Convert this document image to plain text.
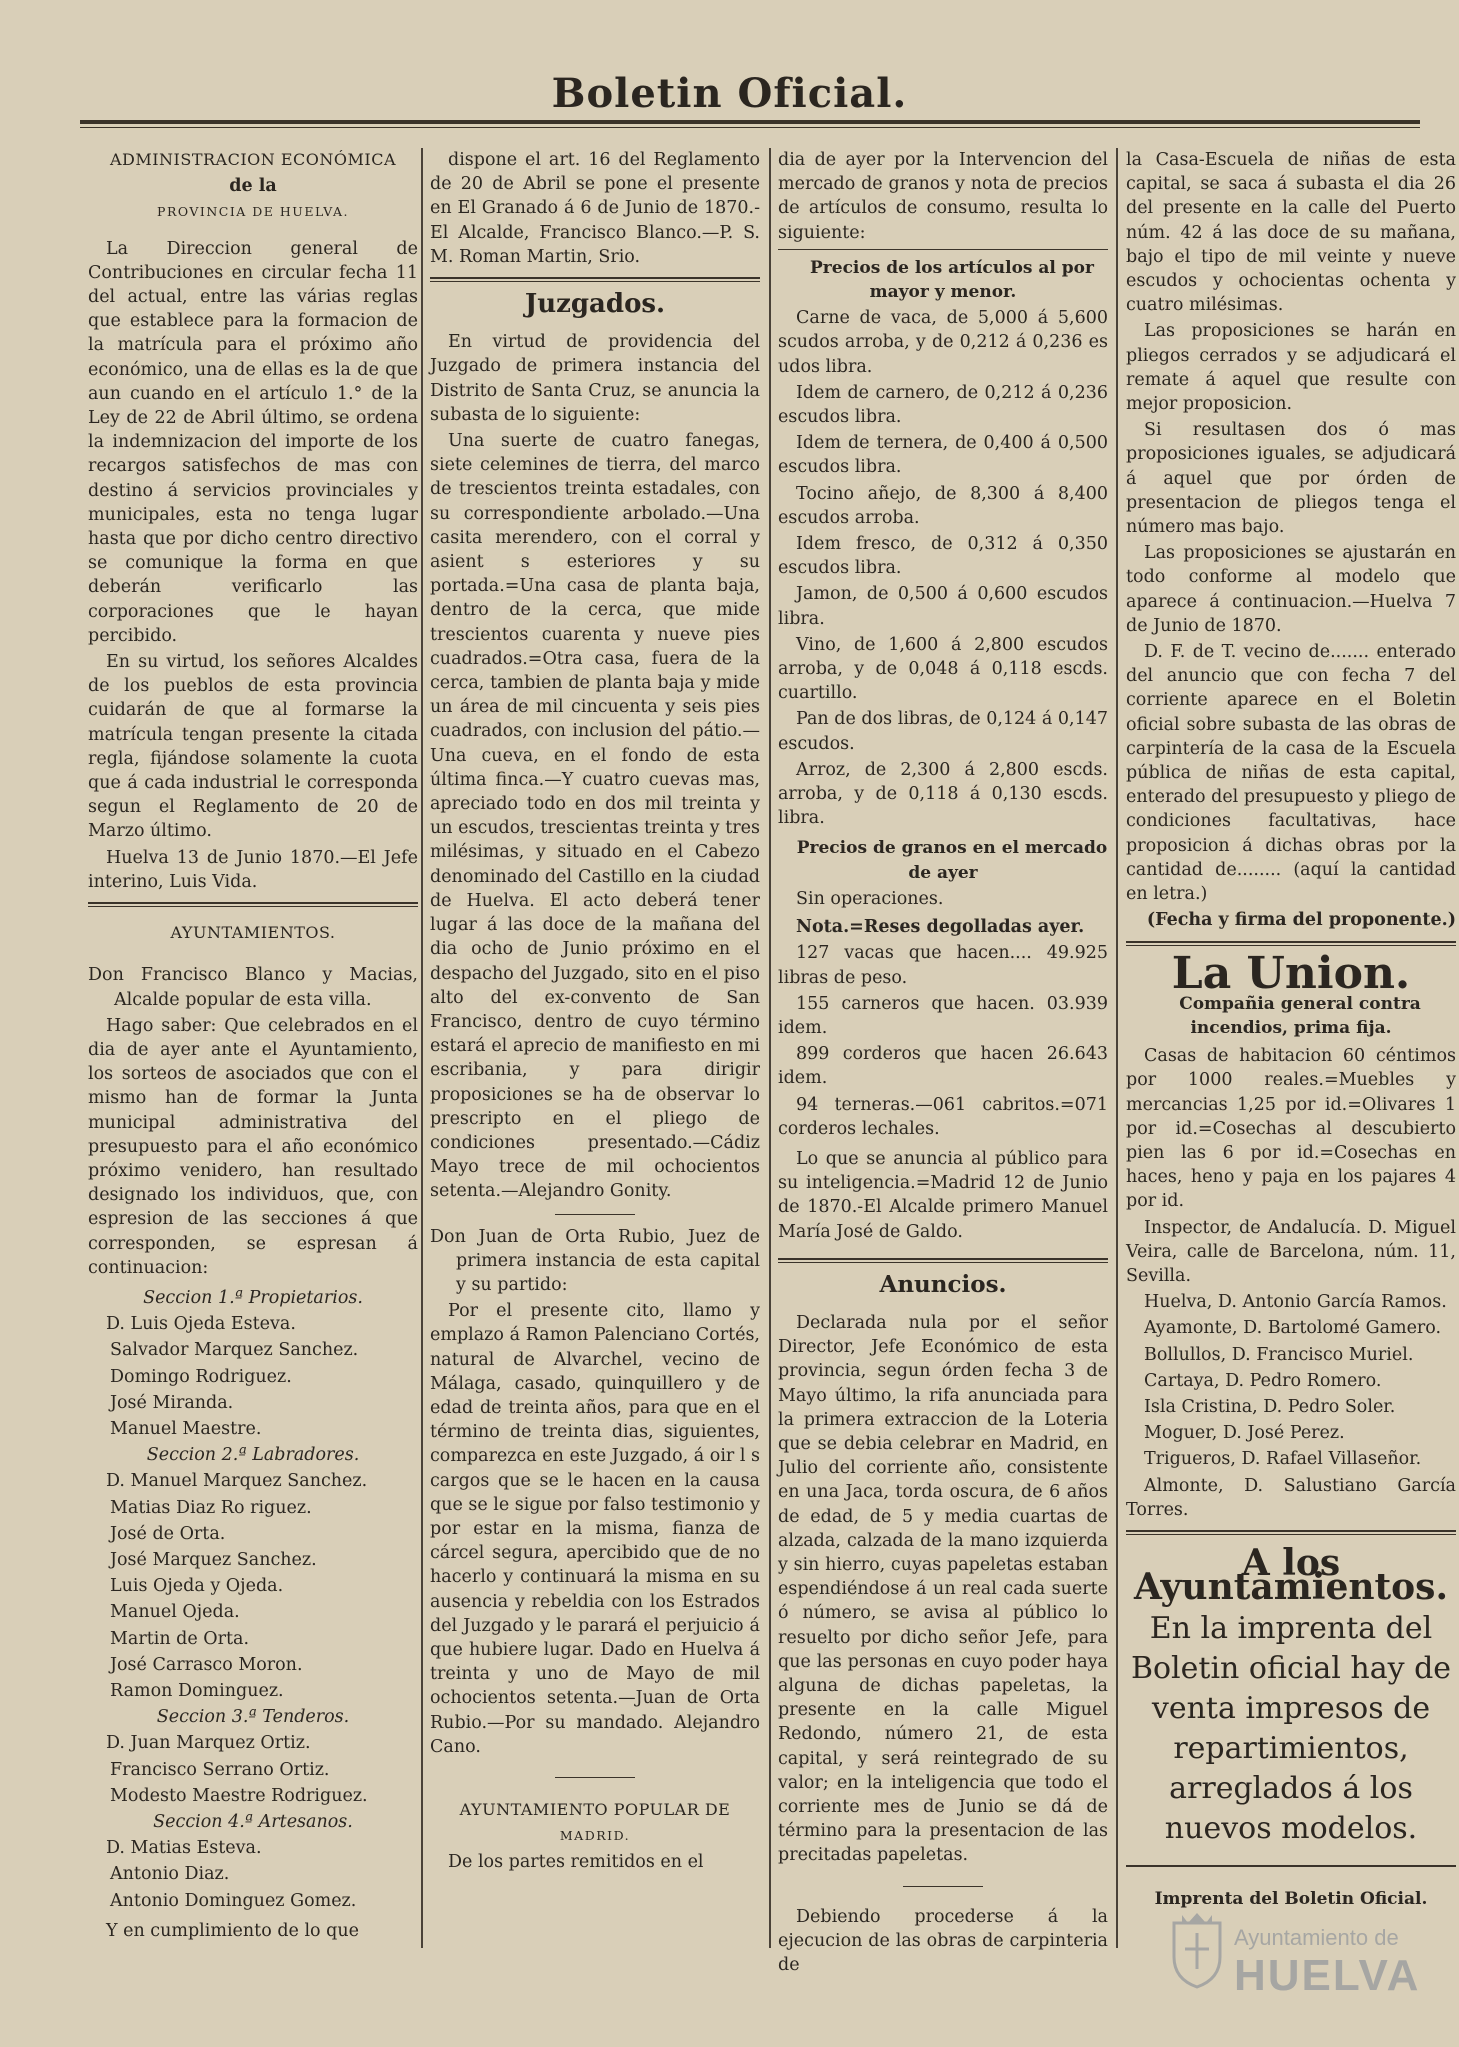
Boletin Oficial.

ADMINISTRACION ECONÓMICA

de la

PROVINCIA DE HUELVA.

La Direccion general de Contribuciones en circular fecha 11 del actual, entre las várias reglas que establece para la formacion de la matrícula para el próximo año económico, una de ellas es la de que aun cuando en el artículo 1.° de la Ley de 22 de Abril último, se ordena la indemnizacion del importe de los recargos satisfechos de mas con destino á servicios provinciales y municipales, esta no tenga lugar hasta que por dicho centro directivo se comunique la forma en que deberán verificarlo las corporaciones que le hayan percibido.

En su virtud, los señores Alcaldes de los pueblos de esta provincia cuidarán de que al formarse la matrícula tengan presente la citada regla, fijándose solamente la cuota que á cada industrial le corresponda segun el Reglamento de 20 de Marzo último.

Huelva 13 de Junio 1870.—El Jefe interino, Luis Vida.

AYUNTAMIENTOS.

Don Francisco Blanco y Macias, Alcalde popular de esta villa.

Hago saber: Que celebrados en el dia de ayer ante el Ayuntamiento, los sorteos de asociados que con el mismo han de formar la Junta municipal administrativa del presupuesto para el año económico próximo venidero, han resultado designado los individuos, que, con espresion de las secciones á que corresponden, se espresan á continuacion:

Seccion 1.ª Propietarios.

D. Luis Ojeda Esteva.

Salvador Marquez Sanchez.

Domingo Rodriguez.

José Miranda.

Manuel Maestre.

Seccion 2.ª Labradores.

D. Manuel Marquez Sanchez.

Matias Diaz Ro riguez.

José de Orta.

José Marquez Sanchez.

Luis Ojeda y Ojeda.

Manuel Ojeda.

Martin de Orta.

José Carrasco Moron.

Ramon Dominguez.

Seccion 3.ª Tenderos.

D. Juan Marquez Ortiz.

Francisco Serrano Ortiz.

Modesto Maestre Rodriguez.

Seccion 4.ª Artesanos.

D. Matias Esteva.

Antonio Diaz.

Antonio Dominguez Gomez.

Y en cumplimiento de lo que

dispone el art. 16 del Reglamento de 20 de Abril se pone el presente en El Granado á 6 de Junio de 1870.-El Alcalde, Francisco Blanco.—P. S. M. Roman Martin, Srio.

Juzgados.

En virtud de providencia del Juzgado de primera instancia del Distrito de Santa Cruz, se anuncia la subasta de lo siguiente:

Una suerte de cuatro fanegas, siete celemines de tierra, del marco de trescientos treinta estadales, con su correspondiente arbolado.—Una casita merendero, con el corral y asient s esteriores y su portada.=Una casa de planta baja, dentro de la cerca, que mide trescientos cuarenta y nueve pies cuadrados.=Otra casa, fuera de la cerca, tambien de planta baja y mide un área de mil cincuenta y seis pies cuadrados, con inclusion del pátio.—Una cueva, en el fondo de esta última finca.—Y cuatro cuevas mas, apreciado todo en dos mil treinta y un escudos, trescientas treinta y tres milésimas, y situado en el Cabezo denominado del Castillo en la ciudad de Huelva. El acto deberá tener lugar á las doce de la mañana del dia ocho de Junio próximo en el despacho del Juzgado, sito en el piso alto del ex-convento de San Francisco, dentro de cuyo término estará el aprecio de manifiesto en mi escribania, y para dirigir proposiciones se ha de observar lo prescripto en el pliego de condiciones presentado.—Cádiz Mayo trece de mil ochocientos setenta.—Alejandro Gonity.

Don Juan de Orta Rubio, Juez de primera instancia de esta capital y su partido:

Por el presente cito, llamo y emplazo á Ramon Palenciano Cortés, natural de Alvarchel, vecino de Málaga, casado, quinquillero y de edad de treinta años, para que en el término de treinta dias, siguientes, comparezca en este Juzgado, á oir l s cargos que se le hacen en la causa que se le sigue por falso testimonio y por estar en la misma, fianza de cárcel segura, apercibido que de no hacerlo y continuará la misma en su ausencia y rebeldia con los Estrados del Juzgado y le parará el perjuicio á que hubiere lugar. Dado en Huelva á treinta y uno de Mayo de mil ochocientos setenta.—Juan de Orta Rubio.—Por su mandado. Alejandro Cano.

AYUNTAMIENTO POPULAR DE

MADRID.

De los partes remitidos en el

dia de ayer por la Intervencion del mercado de granos y nota de precios de artículos de consumo, resulta lo siguiente:

Precios de los artículos al por mayor y menor.

Carne de vaca, de 5,000 á 5,600 scudos arroba, y de 0,212 á 0,236 es udos libra.

Idem de carnero, de 0,212 á 0,236 escudos libra.

Idem de ternera, de 0,400 á 0,500 escudos libra.

Tocino añejo, de 8,300 á 8,400 escudos arroba.

Idem fresco, de 0,312 á 0,350 escudos libra.

Jamon, de 0,500 á 0,600 escudos libra.

Vino, de 1,600 á 2,800 escudos arroba, y de 0,048 á 0,118 escds. cuartillo.

Pan de dos libras, de 0,124 á 0,147 escudos.

Arroz, de 2,300 á 2,800 escds. arroba, y de 0,118 á 0,130 escds. libra.

Precios de granos en el mercado de ayer

Sin operaciones.

Nota.=Reses degolladas ayer.

127 vacas que hacen.... 49.925 libras de peso.

155 carneros que hacen. 03.939 idem.

899 corderos que hacen 26.643 idem.

94 terneras.—061 cabritos.=071 corderos lechales.

Lo que se anuncia al público para su inteligencia.=Madrid 12 de Junio de 1870.-El Alcalde primero Manuel María José de Galdo.

Anuncios.

Declarada nula por el señor Director, Jefe Económico de esta provincia, segun órden fecha 3 de Mayo último, la rifa anunciada para la primera extraccion de la Loteria que se debia celebrar en Madrid, en Julio del corriente año, consistente en una Jaca, torda oscura, de 6 años de edad, de 5 y media cuartas de alzada, calzada de la mano izquierda y sin hierro, cuyas papeletas estaban espendiéndose á un real cada suerte ó número, se avisa al público lo resuelto por dicho señor Jefe, para que las personas en cuyo poder haya alguna de dichas papeletas, la presente en la calle Miguel Redondo, número 21, de esta capital, y será reintegrado de su valor; en la inteligencia que todo el corriente mes de Junio se dá de término para la presentacion de las precitadas papeletas.

Debiendo procederse á la ejecucion de las obras de carpinteria de

la Casa-Escuela de niñas de esta capital, se saca á subasta el dia 26 del presente en la calle del Puerto núm. 42 á las doce de su mañana, bajo el tipo de mil veinte y nueve escudos y ochocientas ochenta y cuatro milésimas.

Las proposiciones se harán en pliegos cerrados y se adjudicará el remate á aquel que resulte con mejor proposicion.

Si resultasen dos ó mas proposiciones iguales, se adjudicará á aquel que por órden de presentacion de pliegos tenga el número mas bajo.

Las proposiciones se ajustarán en todo conforme al modelo que aparece á continuacion.—Huelva 7 de Junio de 1870.

D. F. de T. vecino de....... enterado del anuncio que con fecha 7 del corriente aparece en el Boletin oficial sobre subasta de las obras de carpintería de la casa de la Escuela pública de niñas de esta capital, enterado del presupuesto y pliego de condiciones facultativas, hace proposicion á dichas obras por la cantidad de........ (aquí la cantidad en letra.)

(Fecha y firma del proponente.)

La Union.

Compañia general contra incendios, prima fija.

Casas de habitacion 60 céntimos por 1000 reales.=Muebles y mercancias 1,25 por id.=Olivares 1 por id.=Cosechas al descubierto pien las 6 por id.=Cosechas en haces, heno y paja en los pajares 4 por id.

Inspector, de Andalucía. D. Miguel Veira, calle de Barcelona, núm. 11, Sevilla.

Huelva, D. Antonio García Ramos.

Ayamonte, D. Bartolomé Gamero.

Bollullos, D. Francisco Muriel.

Cartaya, D. Pedro Romero.

Isla Cristina, D. Pedro Soler.

Moguer, D. José Perez.

Trigueros, D. Rafael Villaseñor.

Almonte, D. Salustiano García Torres.

A los Ayuntamientos.

En la imprenta del Boletin oficial hay de venta impresos de repartimientos, arreglados á los nuevos modelos.

Imprenta del Boletin Oficial.
Ayuntamiento de
HUELVA
